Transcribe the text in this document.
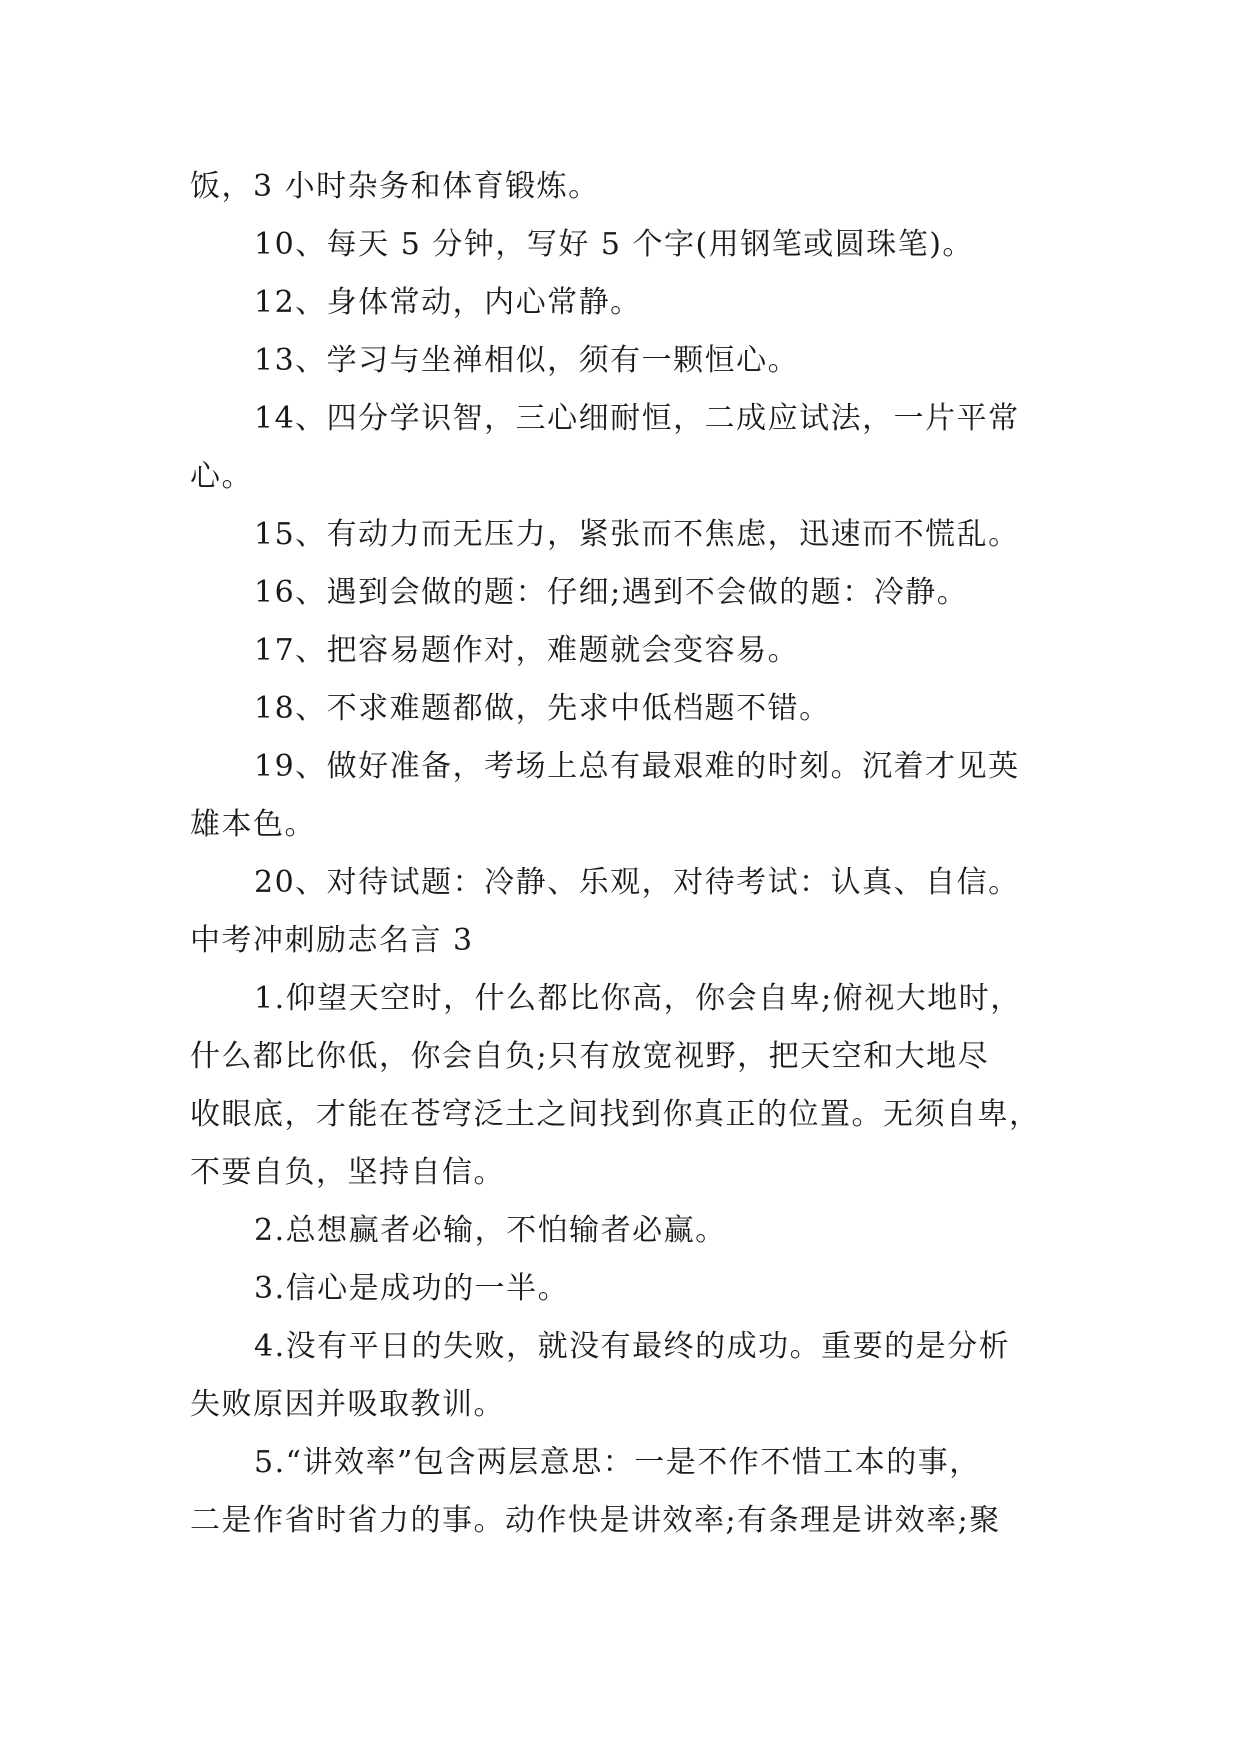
饭，3 小时杂务和体育锻炼。
10、每天 5 分钟，写好 5 个字(用钢笔或圆珠笔)。
12、身体常动，内心常静。
13、学习与坐禅相似，须有一颗恒心。
14、四分学识智，三心细耐恒，二成应试法，一片平常
心。
15、有动力而无压力，紧张而不焦虑，迅速而不慌乱。
16、遇到会做的题：仔细;遇到不会做的题：冷静。
17、把容易题作对，难题就会变容易。
18、不求难题都做，先求中低档题不错。
19、做好准备，考场上总有最艰难的时刻。沉着才见英
雄本色。
20、对待试题：冷静、乐观，对待考试：认真、自信。
中考冲刺励志名言 3
1.仰望天空时，什么都比你高，你会自卑;俯视大地时，
什么都比你低，你会自负;只有放宽视野，把天空和大地尽
收眼底，才能在苍穹泛土之间找到你真正的位置。无须自卑，
不要自负，坚持自信。
2.总想赢者必输，不怕输者必赢。
3.信心是成功的一半。
4.没有平日的失败，就没有最终的成功。重要的是分析
失败原因并吸取教训。
5.“讲效率”包含两层意思：一是不作不惜工本的事，
二是作省时省力的事。动作快是讲效率;有条理是讲效率;聚
